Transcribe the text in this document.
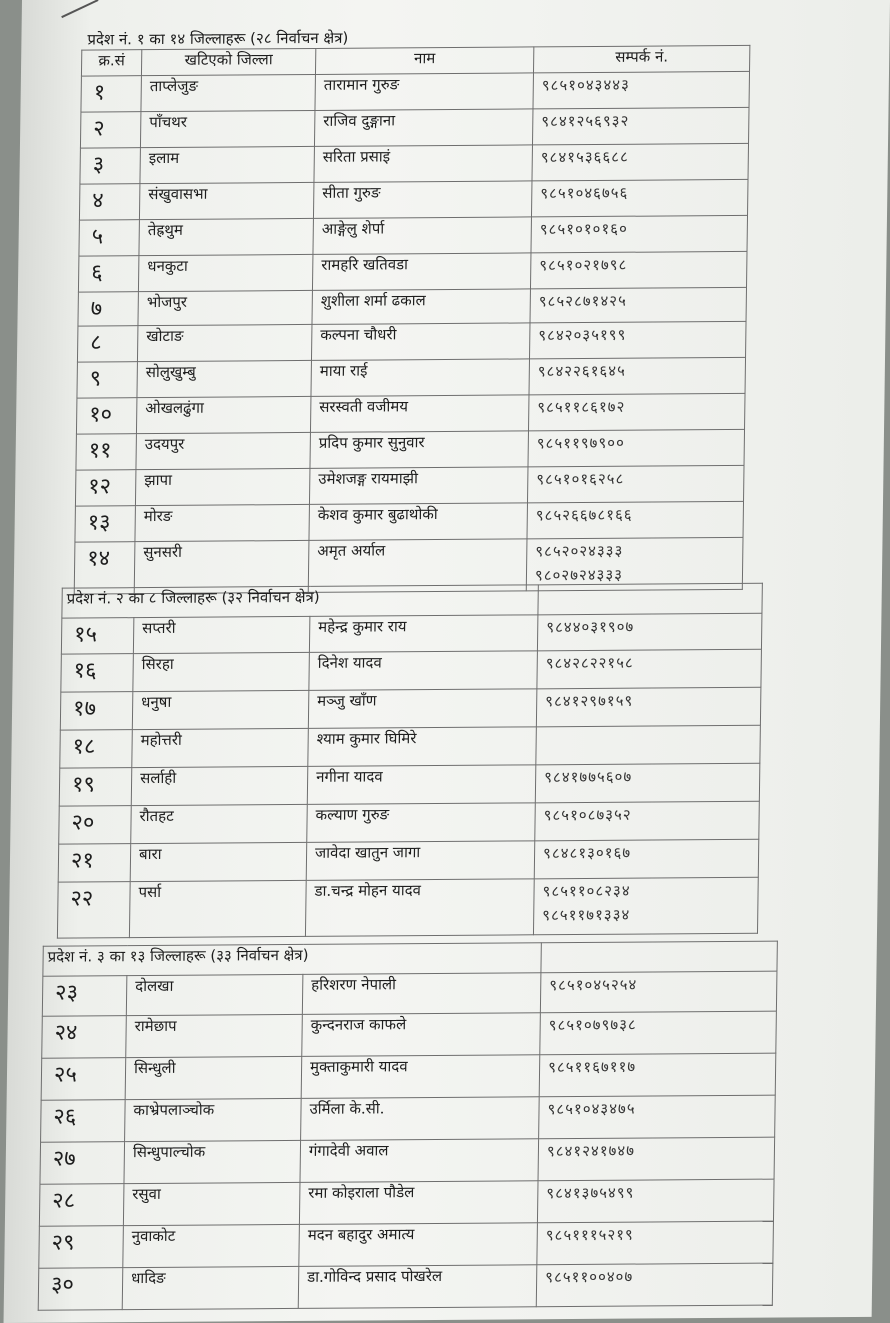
प्रदेश नं. १ का १४ जिल्लाहरू (२८ निर्वाचन क्षेत्र)
क्र.सं	खटिएको जिल्ला	नाम	सम्पर्क नं.
१	ताप्लेजुङ	तारामान गुरुङ	९८५१०४३४४३

२	पाँचथर	राजिव दुङ्गाना	९८४१२५६९३२

३	इलाम	सरिता प्रसाइं	९८४१५३६६८८

४	संखुवासभा	सीता गुरुङ	९८५१०४६७५६

५	तेह्रथुम	आङ्गेलु शेर्पा	९८५१०१०१६०

६	धनकुटा	रामहरि खतिवडा	९८५१०२१७९८

७	भोजपुर	शुशीला शर्मा ढकाल	९८५२८७१४२५

८	खोटाङ	कल्पना चौधरी	९८४२०३५१९९

९	सोलुखुम्बु	माया राई	९८४२२६१६४५

१०	ओखलढुंगा	सरस्वती वजीमय	९८५११८६१७२

११	उदयपुर	प्रदिप कुमार सुनुवार	९८५११९७९००

१२	झापा	उमेशजङ्ग रायमाझी	९८५१०१६२५८

१३	मोरङ	केशव कुमार बुढाथोकी	९८५२६६७८१६६

१४	सुनसरी	अमृत अर्याल	९८५२०२४३३३
९८०२७२४३३३
प्रदेश नं. २ का ८ जिल्लाहरू (३२ निर्वाचन क्षेत्र)			
१५	सप्तरी	महेन्द्र कुमार राय	९८४४०३१९०७

१६	सिरहा	दिनेश यादव	९८४२८२२१५८

१७	धनुषा	मञ्जु खाँण	९८४१२९७१५९

१८	महोत्तरी	श्याम कुमार घिमिरे	
१९	सर्लाही	नगीना यादव	९८४१७७५६०७

२०	रौतहट	कल्याण गुरुङ	९८५१०८७३५२

२१	बारा	जावेदा खातुन जागा	९८४८१३०१६७

२२	पर्सा	डा.चन्द्र मोहन यादव	९८५११०८२३४
९८५११७१३३४
प्रदेश नं. ३ का १३ जिल्लाहरू (३३ निर्वाचन क्षेत्र)			
२३	दोलखा	हरिशरण नेपाली	९८५१०४५२५४

२४	रामेछाप	कुन्दनराज काफले	९८५१०७९७३८

२५	सिन्धुली	मुक्ताकुमारी यादव	९८५११६७११७

२६	काभ्रेपलाञ्चोक	उर्मिला के.सी.	९८५१०४३४७५

२७	सिन्धुपाल्चोक	गंगादेवी अवाल	९८४१२४१७४७

२८	रसुवा	रमा कोइराला पौडेल	९८४१३७५४९९

२९	नुवाकोट	मदन बहादुर अमात्य	९८५१११५२१९

३०	धादिङ	डा.गोविन्द प्रसाद पोखरेल	९८५११००४०७
